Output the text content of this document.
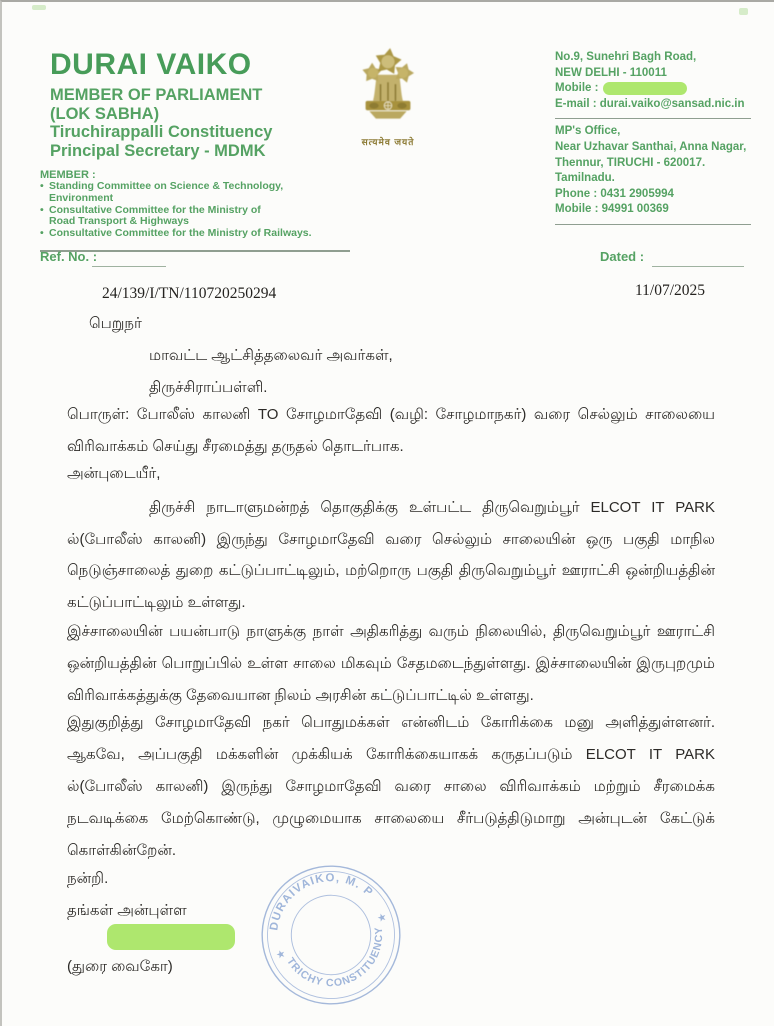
DURAI VAIKO
MEMBER OF PARLIAMENT
(LOK SABHA)
Tiruchirappalli Constituency
Principal Secretary - MDMK
MEMBER :
• Standing Committee on Science & Technology, Environment
• Consultative Committee for the Ministry of
Road Transport & Highways
• Consultative Committee for the Ministry of Railways.
सत्यमेव जयते
No.9, Sunehri Bagh Road,
NEW DELHI - 110011
Mobile :
E-mail : durai.vaiko@sansad.nic.in
MP's Office,
Near Uzhavar Santhai, Anna Nagar,
Thennur, TIRUCHI - 620017.
Tamilnadu.
Phone : 0431 2905994
Mobile : 94991 00369
Ref. No. :	Dated :
24/139/I/TN/110720250294	11/07/2025
பெறுநர்
மாவட்ட ஆட்சித்தலைவர் அவர்கள்,
திருச்சிராப்பள்ளி.

பொருள்: போலீஸ் காலனி TO சோழமாதேவி (வழி: சோழமாநகர்) வரை செல்லும் சாலையை விரிவாக்கம் செய்து சீரமைத்து தருதல் தொடர்பாக.

அன்புடையீர்,

திருச்சி நாடாளுமன்றத் தொகுதிக்கு உள்பட்ட திருவெறும்பூர் ELCOT IT PARK ல்(போலீஸ் காலனி) இருந்து சோழமாதேவி வரை செல்லும் சாலையின் ஒரு பகுதி மாநில நெடுஞ்சாலைத் துறை கட்டுப்பாட்டிலும், மற்றொரு பகுதி திருவெறும்பூர் ஊராட்சி ஒன்றியத்தின் கட்டுப்பாட்டிலும் உள்ளது.

இச்சாலையின் பயன்பாடு நாளுக்கு நாள் அதிகரித்து வரும் நிலையில், திருவெறும்பூர் ஊராட்சி ஒன்றியத்தின் பொறுப்பில் உள்ள சாலை மிகவும் சேதமடைந்துள்ளது. இச்சாலையின் இருபுறமும் விரிவாக்கத்துக்கு தேவையான நிலம் அரசின் கட்டுப்பாட்டில் உள்ளது.

இதுகுறித்து சோழமாதேவி நகர் பொதுமக்கள் என்னிடம் கோரிக்கை மனு அளித்துள்ளனர். ஆகவே, அப்பகுதி மக்களின் முக்கியக் கோரிக்கையாகக் கருதப்படும் ELCOT IT PARK ல்(போலீஸ் காலனி) இருந்து சோழமாதேவி வரை சாலை விரிவாக்கம் மற்றும் சீரமைக்க நடவடிக்கை மேற்கொண்டு, முழுமையாக சாலையை சீர்படுத்திடுமாறு அன்புடன் கேட்டுக் கொள்கின்றேன்.

நன்றி.
தங்கள் அன்புள்ள
(துரை வைகோ)
DURAIVAIKO, M. P
TRICHY CONSTITUENCY
★
★
